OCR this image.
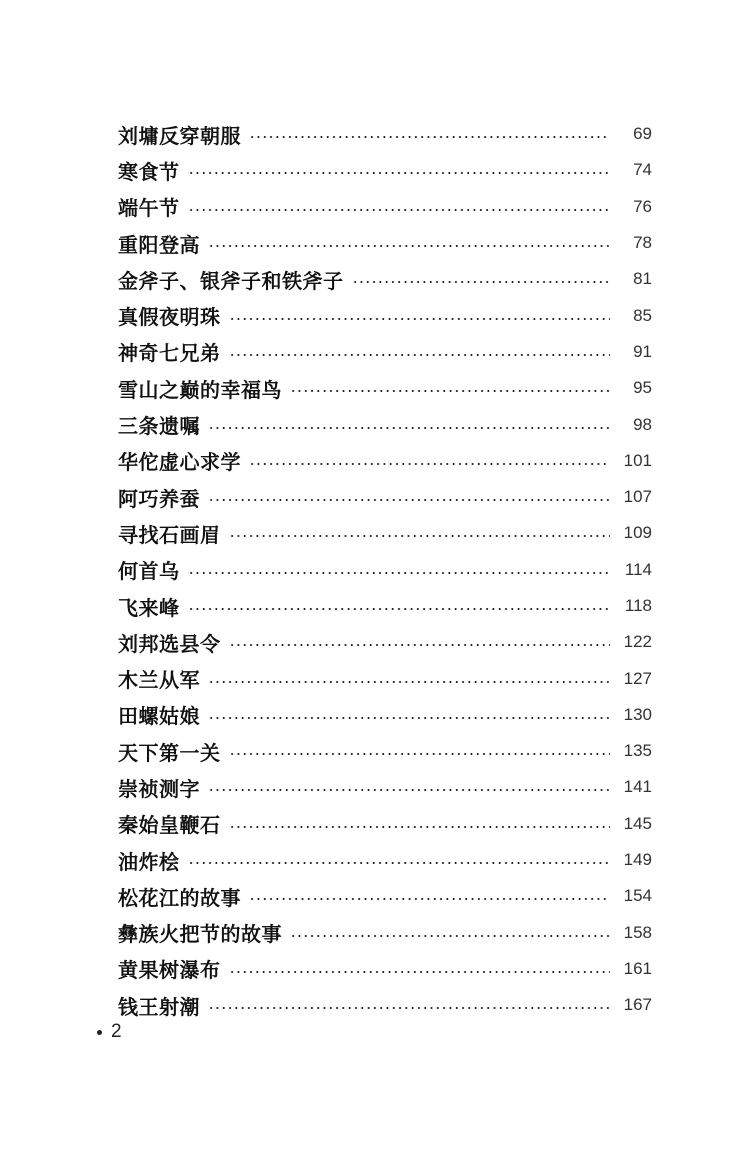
刘墉反穿朝服	69
寒食节	74
端午节	76
重阳登高	78
金斧子、银斧子和铁斧子	81
真假夜明珠	85
神奇七兄弟	91
雪山之巅的幸福鸟	95
三条遗嘱	98
华佗虚心求学	101
阿巧养蚕	107
寻找石画眉	109
何首乌	114
飞来峰	118
刘邦选县令	122
木兰从军	127
田螺姑娘	130
天下第一关	135
崇祯测字	141
秦始皇鞭石	145
油炸桧	149
松花江的故事	154
彝族火把节的故事	158
黄果树瀑布	161
钱王射潮	167
2
